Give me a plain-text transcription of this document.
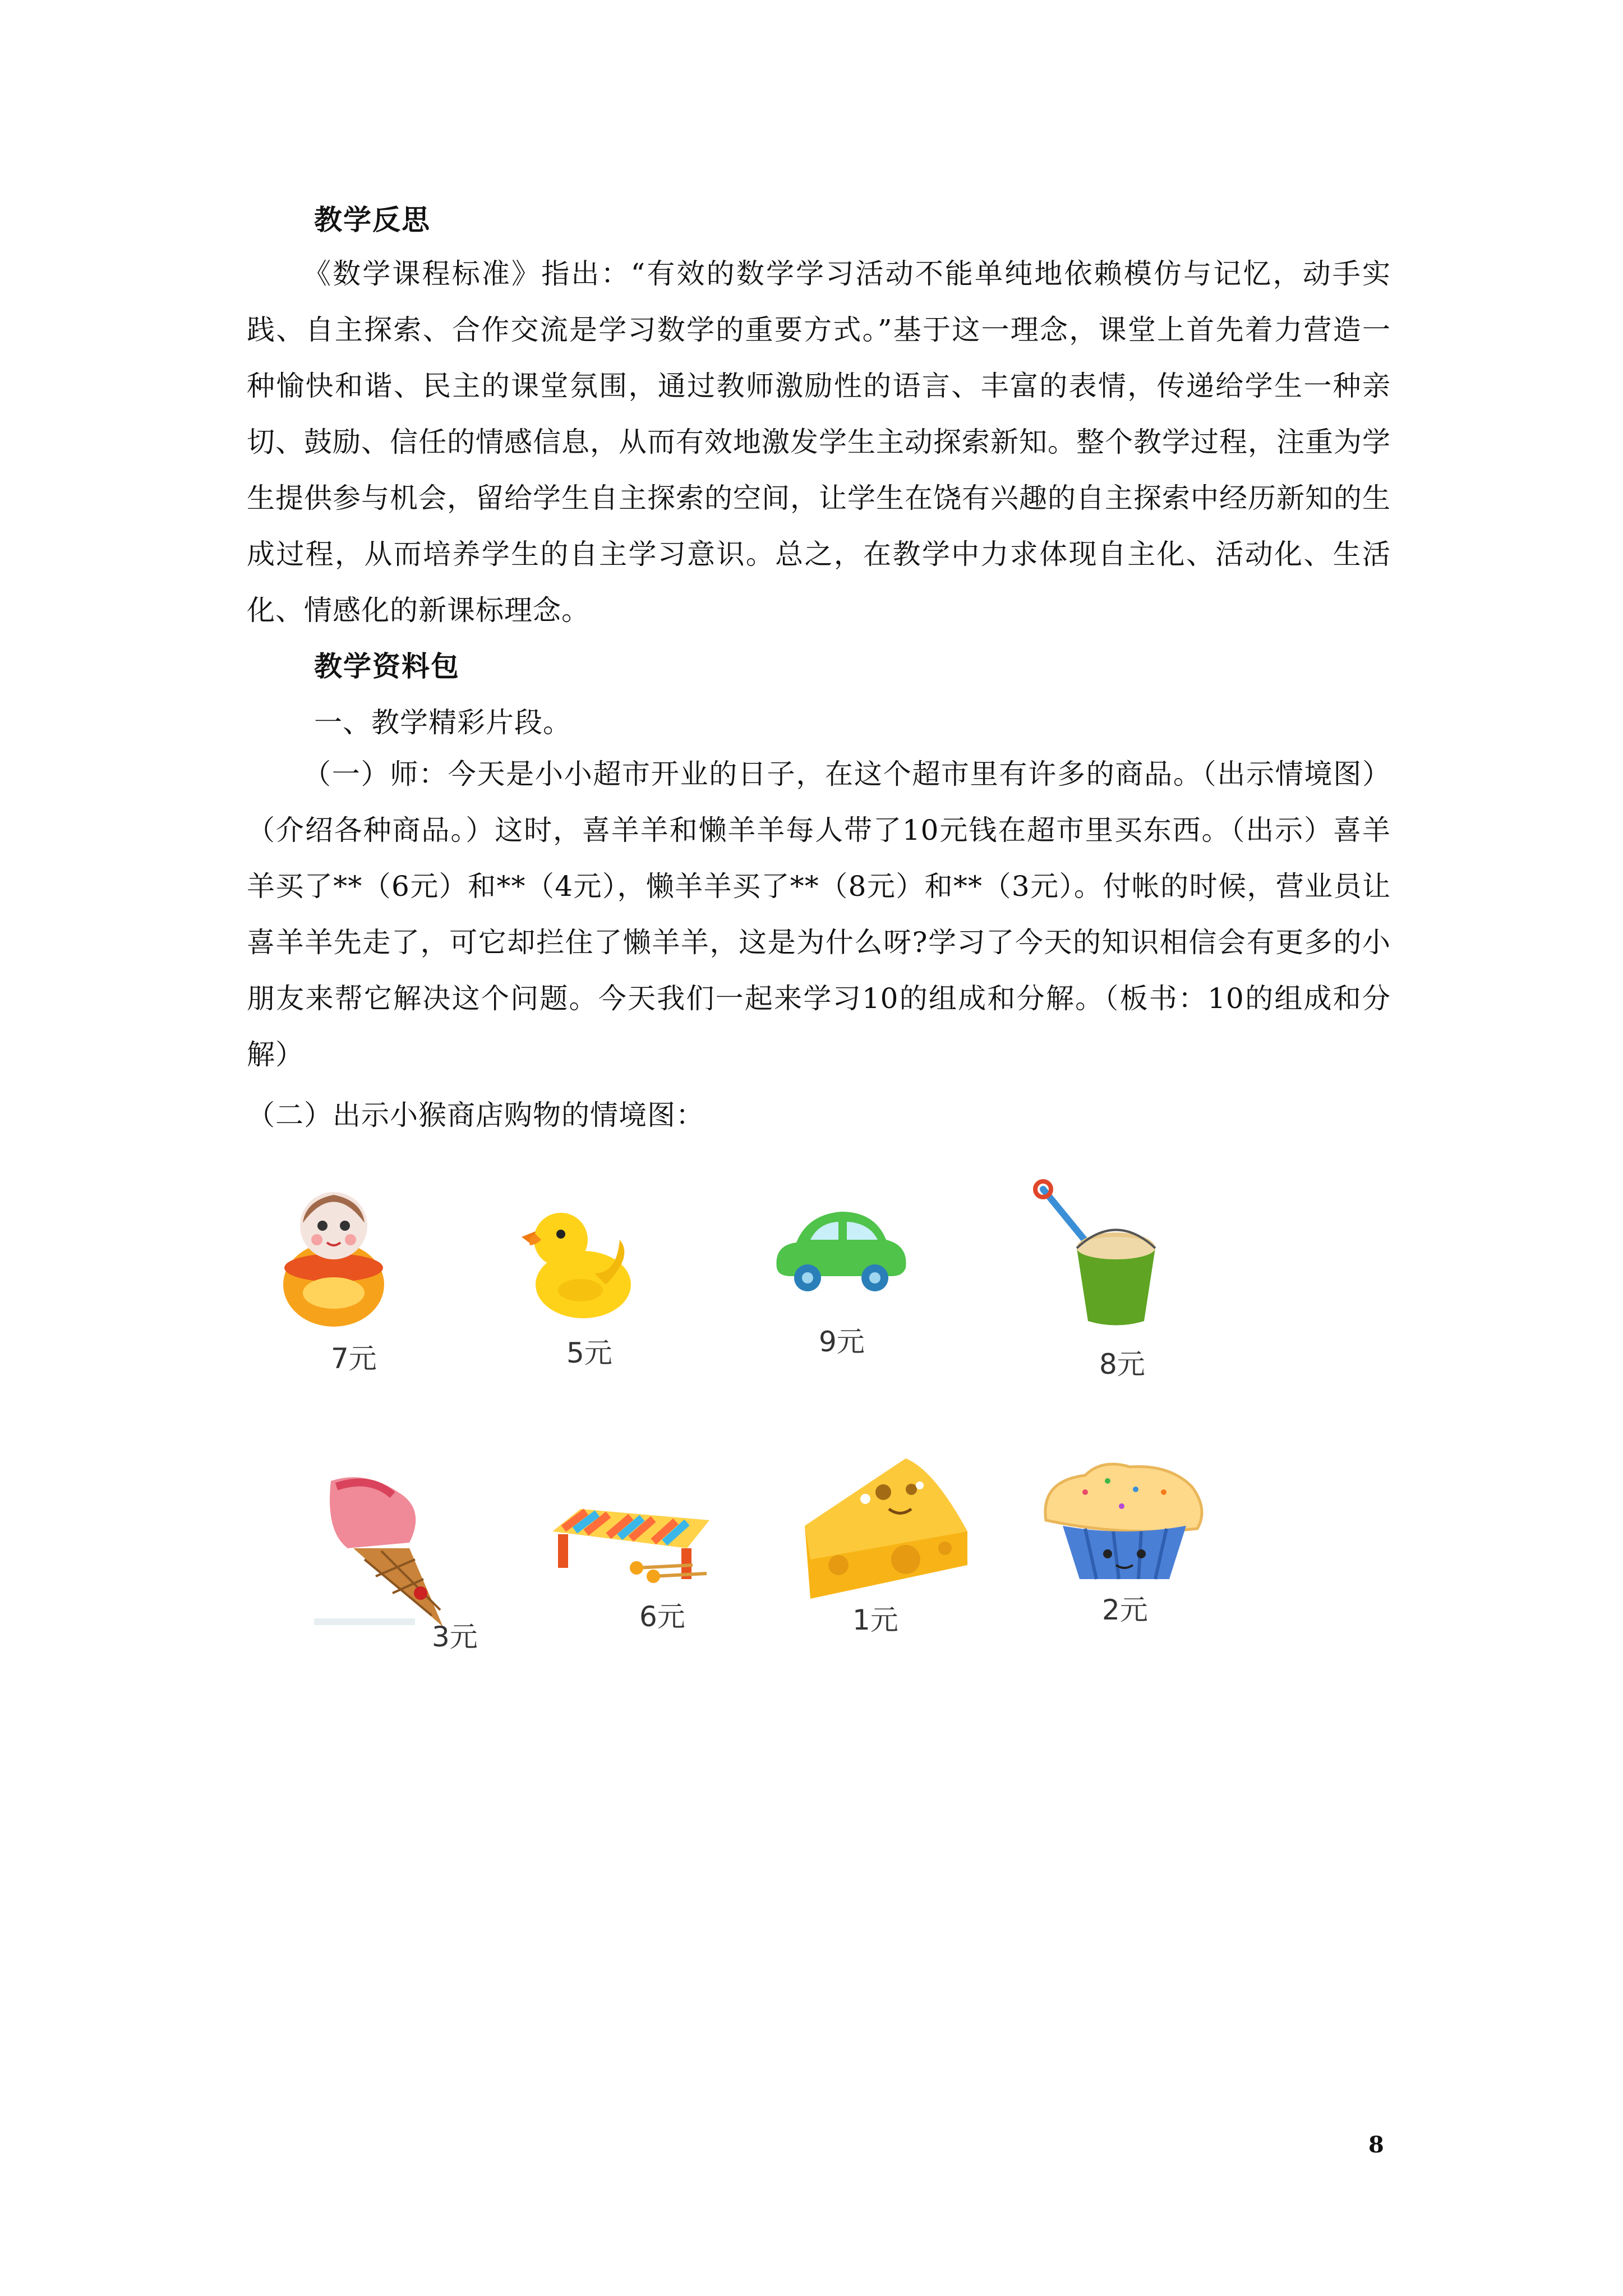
教学反思
《数学课程标准》指出：“有效的数学学习活动不能单纯地依赖模仿与记忆，动手实践、自主探索、合作交流是学习数学的重要方式。”基于这一理念，课堂上首先着力营造一种愉快和谐、民主的课堂氛围，通过教师激励性的语言、丰富的表情，传递给学生一种亲切、鼓励、信任的情感信息，从而有效地激发学生主动探索新知。整个教学过程，注重为学生提供参与机会，留给学生自主探索的空间，让学生在饶有兴趣的自主探索中经历新知的生成过程，从而培养学生的自主学习意识。总之，在教学中力求体现自主化、活动化、生活化、情感化的新课标理念。
教学资料包
一、教学精彩片段。
（一）师：今天是小小超市开业的日子，在这个超市里有许多的商品。（出示情境图）（介绍各种商品。）这时，喜羊羊和懒羊羊每人带了10元钱在超市里买东西。（出示）喜羊羊买了**（6元）和**（4元），懒羊羊买了**（8元）和**（3元）。付帐的时候，营业员让喜羊羊先走了，可它却拦住了懒羊羊，这是为什么呀?学习了今天的知识相信会有更多的小朋友来帮它解决这个问题。今天我们一起来学习10的组成和分解。（板书：10的组成和分解）
（二）出示小猴商店购物的情境图：
7元	5元	9元
8元
3元
6元	1元	2元
8
